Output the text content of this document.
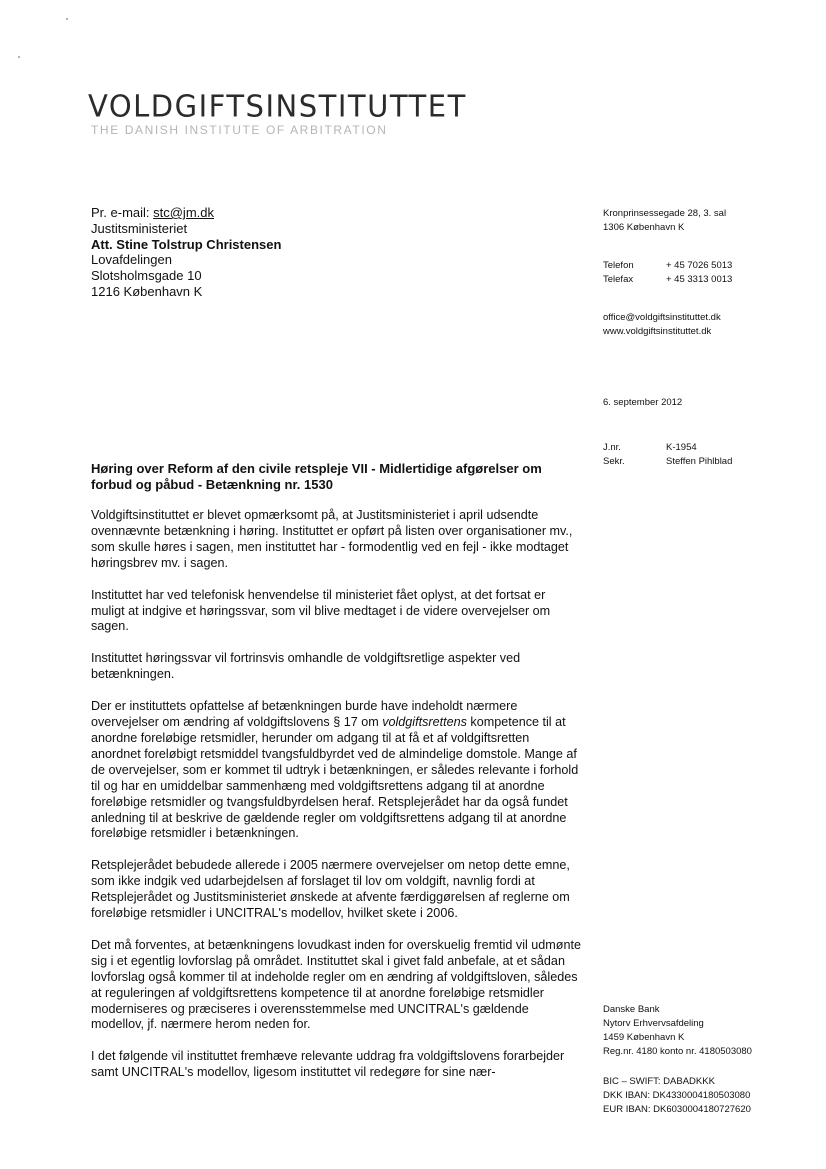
VOLDGIFTSINSTITUTTET
THE DANISH INSTITUTE OF ARBITRATION
Pr. e-mail: stc@jm.dk
Justitsministeriet
Att. Stine Tolstrup Christensen
Lovafdelingen
Slotsholmsgade 10
1216 København K
Kronprinsessegade 28, 3. sal
1306 København K
Telefon	+ 45 7026 5013
Telefax	+ 45 3313 0013
office@voldgiftsinstituttet.dk
www.voldgiftsinstituttet.dk
6. september 2012
J.nr.	K-1954
Sekr.	Steffen Pihlblad
Høring over Reform af den civile retspleje VII - Midlertidige afgørelser om forbud og påbud - Betænkning nr. 1530

Voldgiftsinstituttet er blevet opmærksomt på, at Justitsministeriet i april udsendte ovennævnte betænkning i høring. Instituttet er opført på listen over organisationer mv., som skulle høres i sagen, men instituttet har - formodentlig ved en fejl - ikke modtaget høringsbrev mv. i sagen.

Instituttet har ved telefonisk henvendelse til ministeriet fået oplyst, at det fortsat er muligt at indgive et høringssvar, som vil blive medtaget i de videre overvejelser om sagen.

Instituttet høringssvar vil fortrinsvis omhandle de voldgiftsretlige aspekter ved betænkningen.

Der er instituttets opfattelse af betænkningen burde have indeholdt nærmere overvejelser om ændring af voldgiftslovens § 17 om voldgiftsrettens kompetence til at anordne foreløbige retsmidler, herunder om adgang til at få et af voldgiftsretten anordnet foreløbigt retsmiddel tvangsfuldbyrdet ved de almindelige domstole. Mange af de overvejelser, som er kommet til udtryk i betænkningen, er således relevante i forhold til og har en umiddelbar sammenhæng med voldgiftsrettens adgang til at anordne foreløbige retsmidler og tvangsfuldbyrdelsen heraf. Retsplejerådet har da også fundet anledning til at beskrive de gældende regler om voldgiftsrettens adgang til at anordne foreløbige retsmidler i betænkningen.

Retsplejerådet bebudede allerede i 2005 nærmere overvejelser om netop dette emne, som ikke indgik ved udarbejdelsen af forslaget til lov om voldgift, navnlig fordi at Retsplejerådet og Justitsministeriet ønskede at afvente færdiggørelsen af reglerne om foreløbige retsmidler i UNCITRAL's modellov, hvilket skete i 2006.

Det må forventes, at betænkningens lovudkast inden for overskuelig fremtid vil udmønte sig i et egentlig lovforslag på området. Instituttet skal i givet fald anbefale, at et sådan lovforslag også kommer til at indeholde regler om en ændring af voldgiftsloven, således at reguleringen af voldgiftsrettens kompetence til at anordne foreløbige retsmidler moderniseres og præciseres i overensstemmelse med UNCITRAL's gældende modellov, jf. nærmere herom neden for.

I det følgende vil instituttet fremhæve relevante uddrag fra voldgiftslovens forarbejder samt UNCITRAL's modellov, ligesom instituttet vil redegøre for sine nær-

Danske Bank
Nytorv Erhvervsafdeling
1459 København K
Reg.nr. 4180 konto nr. 4180503080
BIC – SWIFT: DABADKKK
DKK IBAN: DK4330004180503080
EUR IBAN: DK6030004180727620
